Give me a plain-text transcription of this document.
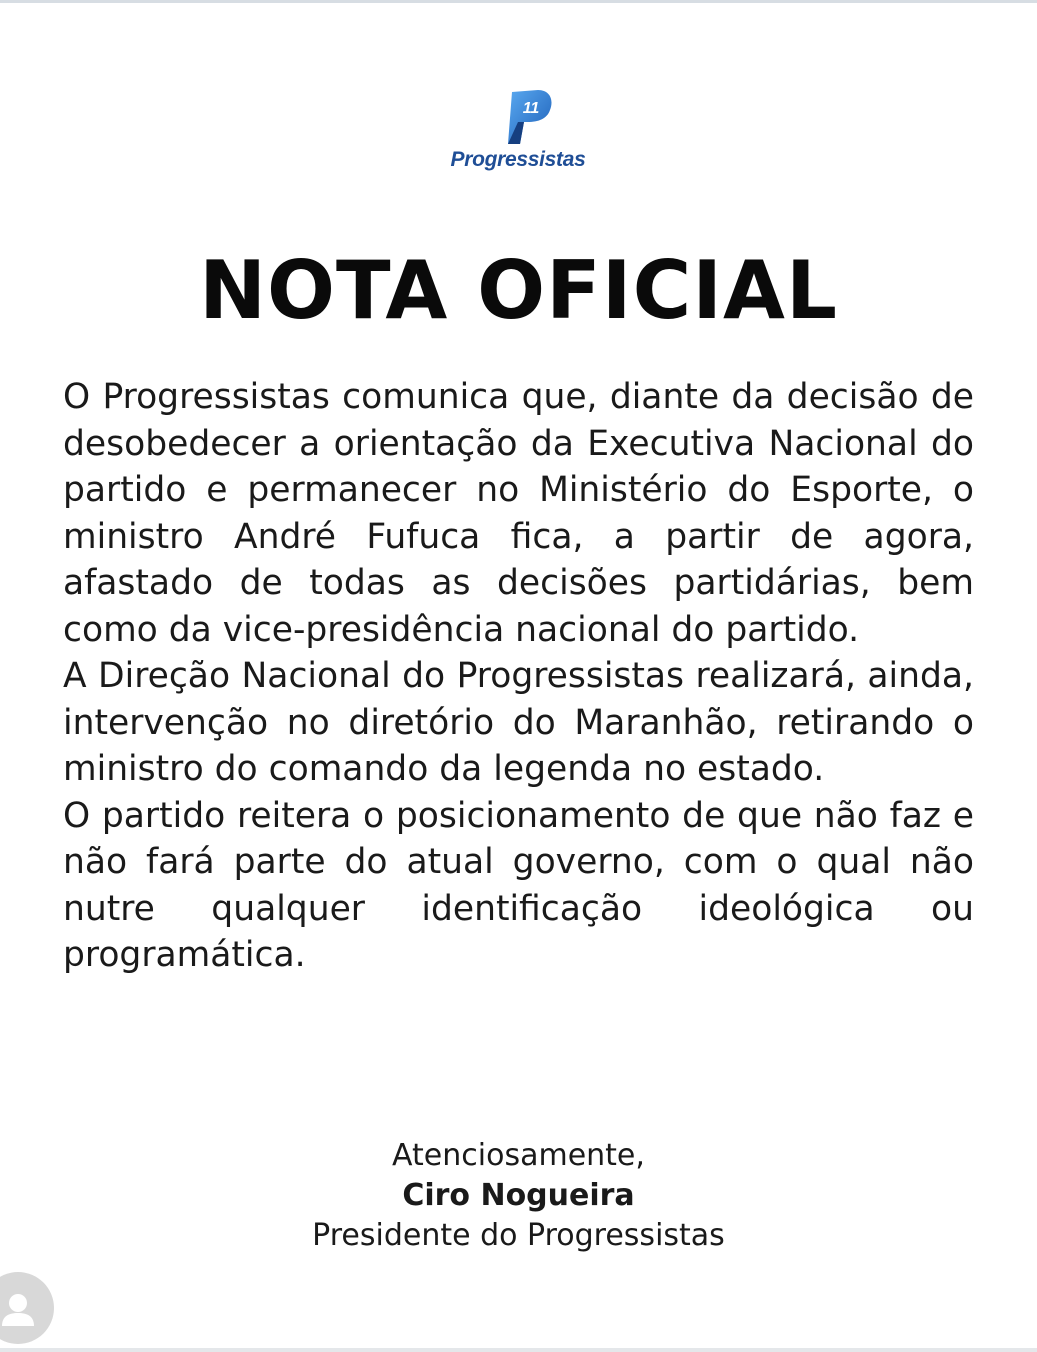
11
Progressistas
NOTA OFICIAL

O Progressistas comunica que, diante da decisão de desobedecer a orientação da Executiva Nacional do partido e permanecer no Ministério do Esporte, o ministro André Fufuca fica, a partir de agora, afastado de todas as decisões partidárias, bem como da vice-presidência nacional do partido.

A Direção Nacional do Progressistas realizará, ainda, intervenção no diretório do Maranhão, retirando o ministro do comando da legenda no estado.

O partido reitera o posicionamento de que não faz e não fará parte do atual governo, com o qual não nutre qualquer identificação ideológica ou programática.

Atenciosamente,
Ciro Nogueira
Presidente do Progressistas
